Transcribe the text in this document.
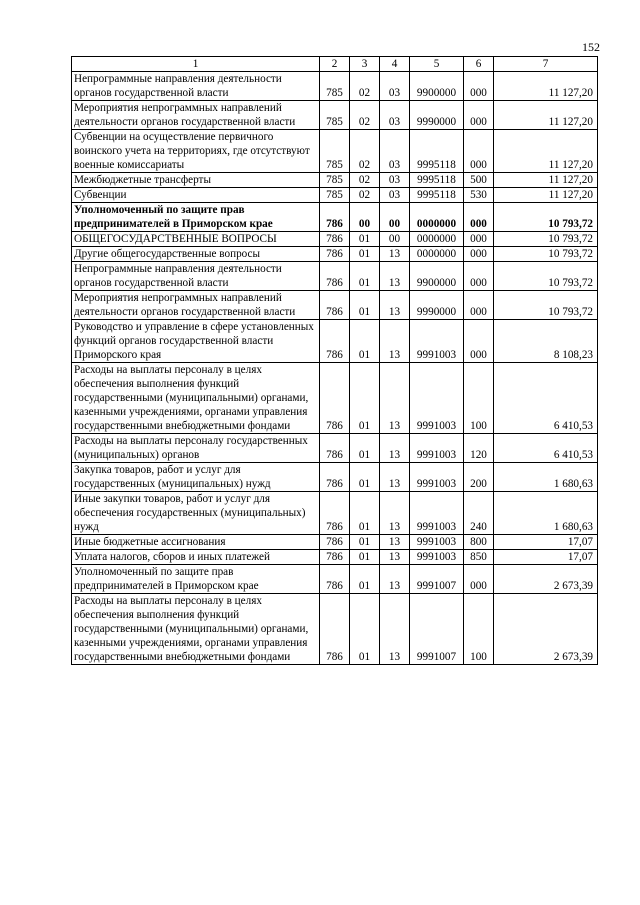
152
1	2	3	4	5	6	7
Непрограммные направления деятельности органов государственной власти	785	02	03	9900000	000	11 127,20
Мероприятия непрограммных направлений деятельности органов государственной власти	785	02	03	9990000	000	11 127,20
Субвенции на осуществление первичного воинского учета на территориях, где отсутствуют военные комиссариаты	785	02	03	9995118	000	11 127,20
Межбюджетные трансферты	785	02	03	9995118	500	11 127,20
Субвенции	785	02	03	9995118	530	11 127,20
Уполномоченный по защите прав предпринимателей в Приморском крае	786	00	00	0000000	000	10 793,72
ОБЩЕГОСУДАРСТВЕННЫЕ ВОПРОСЫ	786	01	00	0000000	000	10 793,72
Другие общегосударственные вопросы	786	01	13	0000000	000	10 793,72
Непрограммные направления деятельности органов государственной власти	786	01	13	9900000	000	10 793,72
Мероприятия непрограммных направлений деятельности органов государственной власти	786	01	13	9990000	000	10 793,72
Руководство и управление в сфере установленных функций органов государственной власти Приморского края	786	01	13	9991003	000	8 108,23
Расходы на выплаты персоналу в целях обеспечения выполнения функций государственными (муниципальными) органами, казенными учреждениями, органами управления государственными внебюджетными фондами	786	01	13	9991003	100	6 410,53
Расходы на выплаты персоналу государственных (муниципальных) органов	786	01	13	9991003	120	6 410,53
Закупка товаров, работ и услуг для государственных (муниципальных) нужд	786	01	13	9991003	200	1 680,63
Иные закупки товаров, работ и услуг для обеспечения государственных (муниципальных) нужд	786	01	13	9991003	240	1 680,63
Иные бюджетные ассигнования	786	01	13	9991003	800	17,07
Уплата налогов, сборов и иных платежей	786	01	13	9991003	850	17,07
Уполномоченный по защите прав предпринимателей в Приморском крае	786	01	13	9991007	000	2 673,39
Расходы на выплаты персоналу в целях обеспечения выполнения функций государственными (муниципальными) органами, казенными учреждениями, органами управления государственными внебюджетными фондами	786	01	13	9991007	100	2 673,39
